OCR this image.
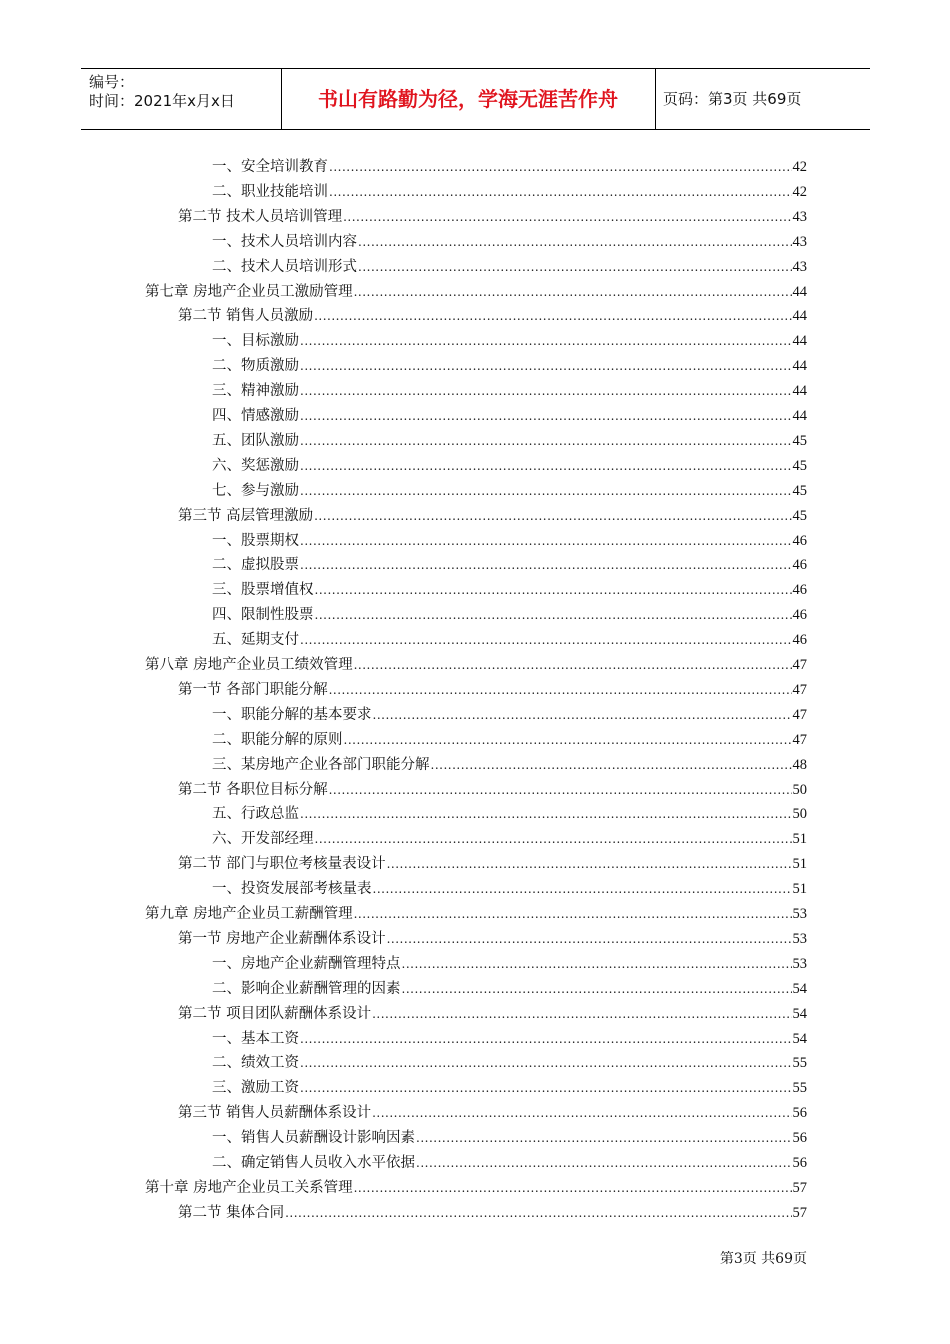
编号：
时间：2021年x月x日	书山有路勤为径，学海无涯苦作舟	页码：第3页 共69页
一、安全培训教育 .....	42
二、职业技能培训 .....	42
第二节 技术人员培训管理 .....	43
一、技术人员培训内容 .....	43
二、技术人员培训形式 .....	43
第七章 房地产企业员工激励管理 .....	44
第二节 销售人员激励 .....	44
一、目标激励 .....	44
二、物质激励 .....	44
三、精神激励 .....	44
四、情感激励 .....	44
五、团队激励 .....	45
六、奖惩激励 .....	45
七、参与激励 .....	45
第三节 高层管理激励 .....	45
一、股票期权 .....	46
二、虚拟股票 .....	46
三、股票增值权 .....	46
四、限制性股票 .....	46
五、延期支付 .....	46
第八章 房地产企业员工绩效管理 .....	47
第一节 各部门职能分解 .....	47
一、职能分解的基本要求 .....	47
二、职能分解的原则 .....	47
三、某房地产企业各部门职能分解 .....	48
第二节 各职位目标分解 .....	50
五、行政总监 .....	50
六、开发部经理 .....	51
第二节 部门与职位考核量表设计 .....	51
一、投资发展部考核量表 .....	51
第九章 房地产企业员工薪酬管理 .....	53
第一节 房地产企业薪酬体系设计 .....	53
一、房地产企业薪酬管理特点 .....	53
二、影响企业薪酬管理的因素 .....	54
第二节 项目团队薪酬体系设计 .....	54
一、基本工资 .....	54
二、绩效工资 .....	55
三、激励工资 .....	55
第三节 销售人员薪酬体系设计 .....	56
一、销售人员薪酬设计影响因素 .....	56
二、确定销售人员收入水平依据 .....	56
第十章 房地产企业员工关系管理 .....	57
第二节 集体合同 .....	57
第3页 共69页
